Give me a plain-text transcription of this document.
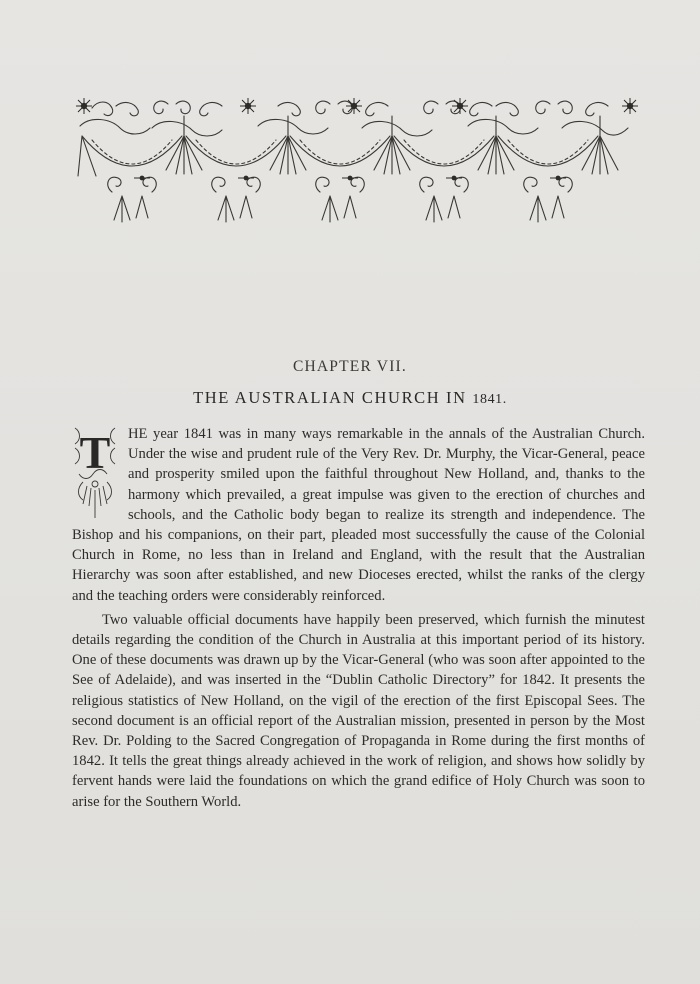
CHAPTER VII.
THE AUSTRALIAN CHURCH IN 1841.
T	HE year 1841 was in many ways remarkable in the annals of the Australian Church. Under the wise and prudent rule of the Very Rev. Dr. Murphy, the Vicar-General, peace and prosperity smiled upon the faithful throughout New Holland, and, thanks to the harmony which prevailed, a great impulse was given to the erection of churches and schools, and the Catholic body began to realize its strength and independence. The Bishop and his companions, on their part, pleaded most successfully the cause of the Colonial Church in Rome, no less than in Ireland and England, with the result that the Australian Hierarchy was soon after established, and new Dioceses erected, whilst the ranks of the clergy and the teaching orders were considerably reinforced.

Two valuable official documents have happily been preserved, which furnish the minutest details regarding the condition of the Church in Australia at this important period of its history. One of these documents was drawn up by the Vicar-General (who was soon after appointed to the See of Adelaide), and was inserted in the “Dublin Catholic Directory” for 1842. It presents the religious statistics of New Holland, on the vigil of the erection of the first Episcopal Sees. The second document is an official report of the Australian mission, presented in person by the Most Rev. Dr. Polding to the Sacred Congregation of Propaganda in Rome during the first months of 1842. It tells the great things already achieved in the work of religion, and shows how solidly by fervent hands were laid the foundations on which the grand edifice of Holy Church was soon to arise for the Southern World.
